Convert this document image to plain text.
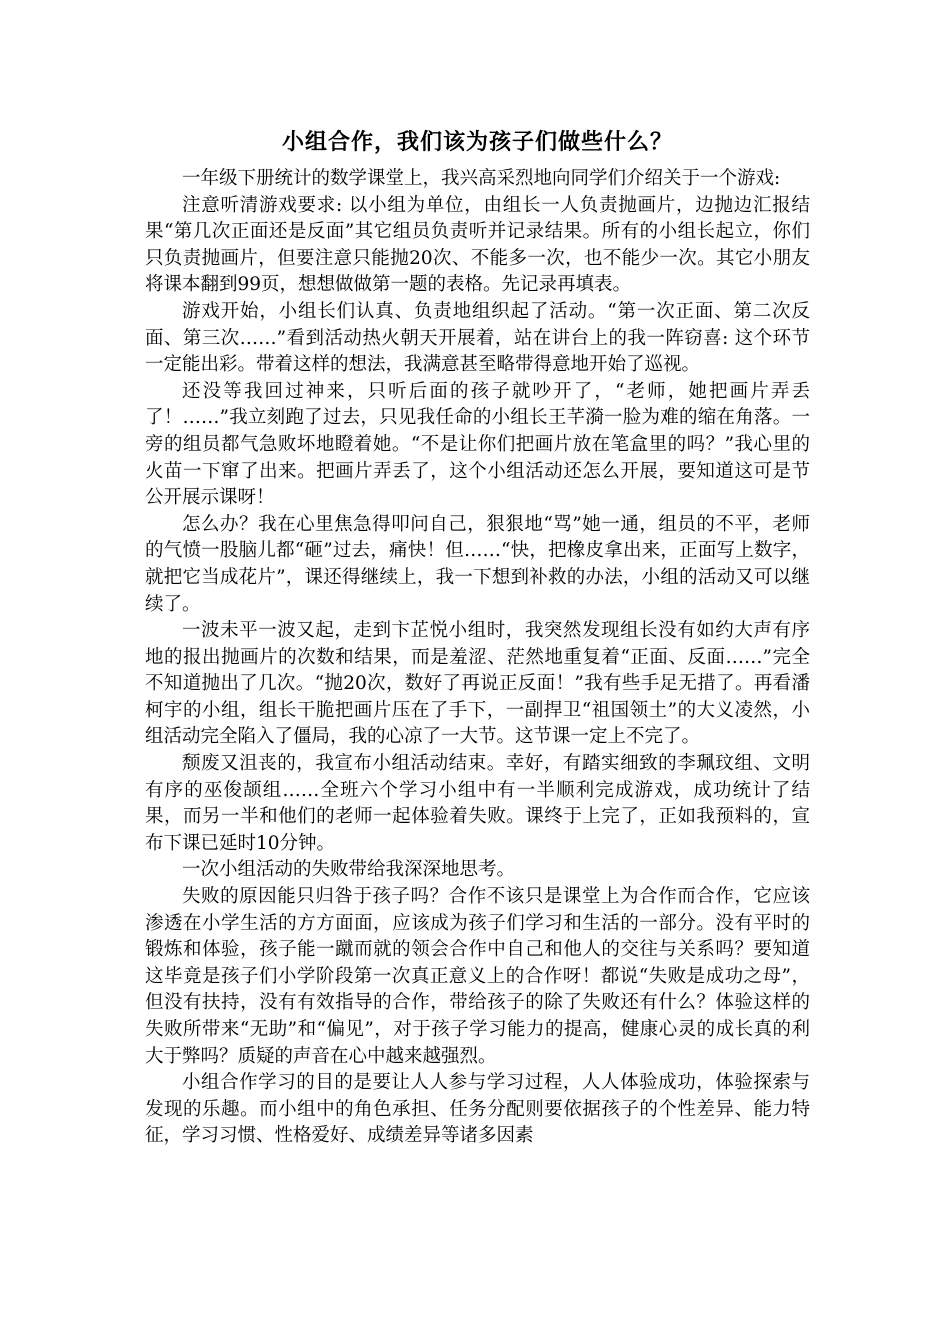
小组合作，我们该为孩子们做些什么？

一年级下册统计的数学课堂上，我兴高采烈地向同学们介绍关于一个游戏:

注意听清游戏要求: 以小组为单位，由组长一人负责抛画片，边抛边汇报结果“第几次正面还是反面”其它组员负责听并记录结果。所有的小组长起立，你们只负责抛画片，但要注意只能抛20次、不能多一次，也不能少一次。其它小朋友将课本翻到99页，想想做做第一题的表格。先记录再填表。

游戏开始，小组长们认真、负责地组织起了活动。“第一次正面、第二次反面、第三次……”看到活动热火朝天开展着，站在讲台上的我一阵窃喜: 这个环节一定能出彩。带着这样的想法，我满意甚至略带得意地开始了巡视。

还没等我回过神来，只听后面的孩子就吵开了，“老师，她把画片弄丢了！……”我立刻跑了过去，只见我任命的小组长王芊漪一脸为难的缩在角落。一旁的组员都气急败坏地瞪着她。“不是让你们把画片放在笔盒里的吗？”我心里的火苗一下窜了出来。把画片弄丢了，这个小组活动还怎么开展，要知道这可是节公开展示课呀！

怎么办？我在心里焦急得叩问自己，狠狠地“骂”她一通，组员的不平，老师的气愤一股脑儿都“砸”过去，痛快！但……“快，把橡皮拿出来，正面写上数字，就把它当成花片”，课还得继续上，我一下想到补救的办法，小组的活动又可以继续了。

一波未平一波又起，走到卞芷悦小组时，我突然发现组长没有如约大声有序地的报出抛画片的次数和结果，而是羞涩、茫然地重复着“正面、反面……”完全不知道抛出了几次。“抛20次，数好了再说正反面！”我有些手足无措了。再看潘柯宇的小组，组长干脆把画片压在了手下，一副捍卫“祖国领土”的大义凌然，小组活动完全陷入了僵局，我的心凉了一大节。这节课一定上不完了。

颓废又沮丧的，我宣布小组活动结束。幸好，有踏实细致的李珮玟组、文明有序的巫俊颉组……全班六个学习小组中有一半顺利完成游戏，成功统计了结果，而另一半和他们的老师一起体验着失败。课终于上完了，正如我预料的，宣布下课已延时10分钟。

一次小组活动的失败带给我深深地思考。

失败的原因能只归咎于孩子吗？合作不该只是课堂上为合作而合作，它应该渗透在小学生活的方方面面，应该成为孩子们学习和生活的一部分。没有平时的锻炼和体验，孩子能一蹴而就的领会合作中自己和他人的交往与关系吗？要知道这毕竟是孩子们小学阶段第一次真正意义上的合作呀！都说“失败是成功之母”，但没有扶持，没有有效指导的合作，带给孩子的除了失败还有什么？体验这样的失败所带来“无助”和“偏见”，对于孩子学习能力的提高，健康心灵的成长真的利大于弊吗？质疑的声音在心中越来越强烈。

小组合作学习的目的是要让人人参与学习过程，人人体验成功，体验探索与发现的乐趣。而小组中的角色承担、任务分配则要依据孩子的个性差异、能力特征，学习习惯、性格爱好、成绩差异等诸多因素
